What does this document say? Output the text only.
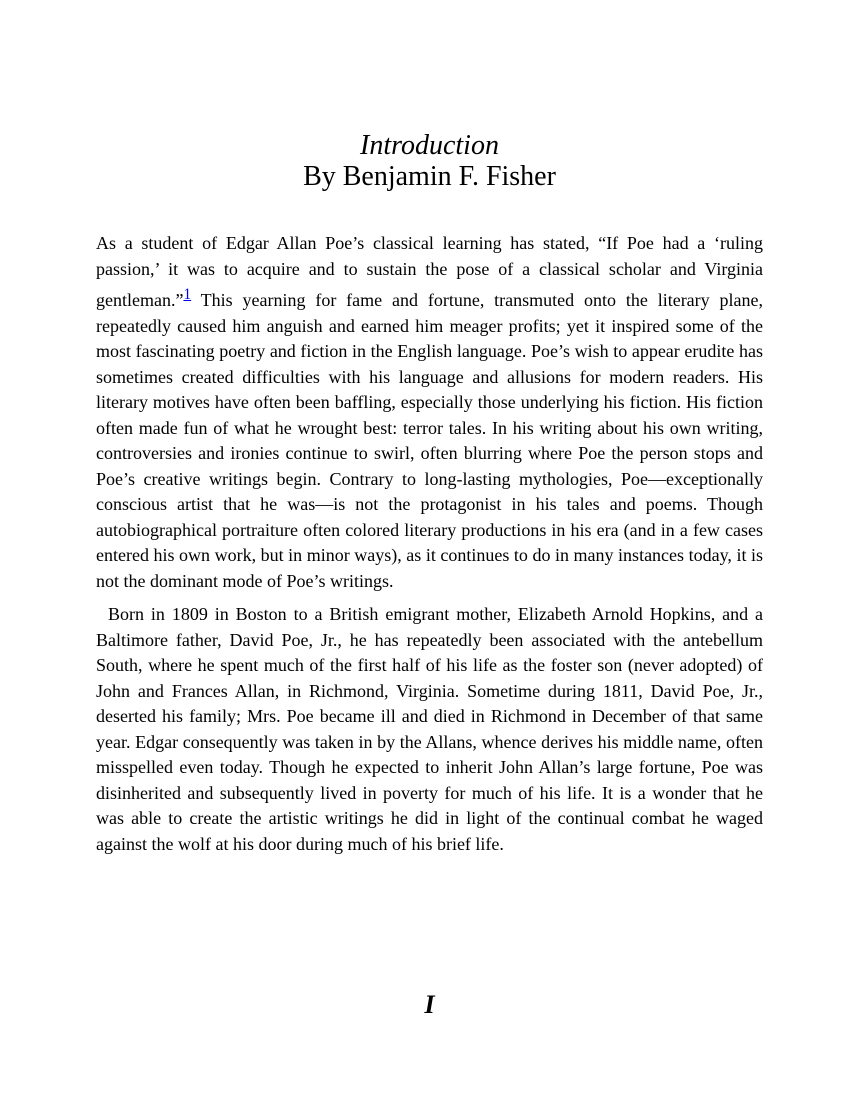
Introduction
By Benjamin F. Fisher

As a student of Edgar Allan Poe’s classical learning has stated, “If Poe had a ‘ruling passion,’ it was to acquire and to sustain the pose of a classical scholar and Virginia gentleman.”$^1$ This yearning for fame and fortune, transmuted onto the literary plane, repeatedly caused him anguish and earned him meager profits; yet it inspired some of the most fascinating poetry and fiction in the English language. Poe’s wish to appear erudite has sometimes created difficulties with his language and allusions for modern readers. His literary motives have often been baffling, especially those underlying his fiction. His fiction often made fun of what he wrought best: terror tales. In his writing about his own writing, controversies and ironies continue to swirl, often blurring where Poe the person stops and Poe’s creative writings begin. Contrary to long-lasting mythologies, Poe—exceptionally conscious artist that he was—is not the protagonist in his tales and poems. Though autobiographical portraiture often colored literary productions in his era (and in a few cases entered his own work, but in minor ways), as it continues to do in many instances today, it is not the dominant mode of Poe’s writings.

Born in 1809 in Boston to a British emigrant mother, Elizabeth Arnold Hopkins, and a Baltimore father, David Poe, Jr., he has repeatedly been associated with the antebellum South, where he spent much of the first half of his life as the foster son (never adopted) of John and Frances Allan, in Richmond, Virginia. Sometime during 1811, David Poe, Jr., deserted his family; Mrs. Poe became ill and died in Richmond in December of that same year. Edgar consequently was taken in by the Allans, whence derives his middle name, often misspelled even today. Though he expected to inherit John Allan’s large fortune, Poe was disinherited and subsequently lived in poverty for much of his life. It is a wonder that he was able to create the artistic writings he did in light of the continual combat he waged against the wolf at his door during much of his brief life.

I
